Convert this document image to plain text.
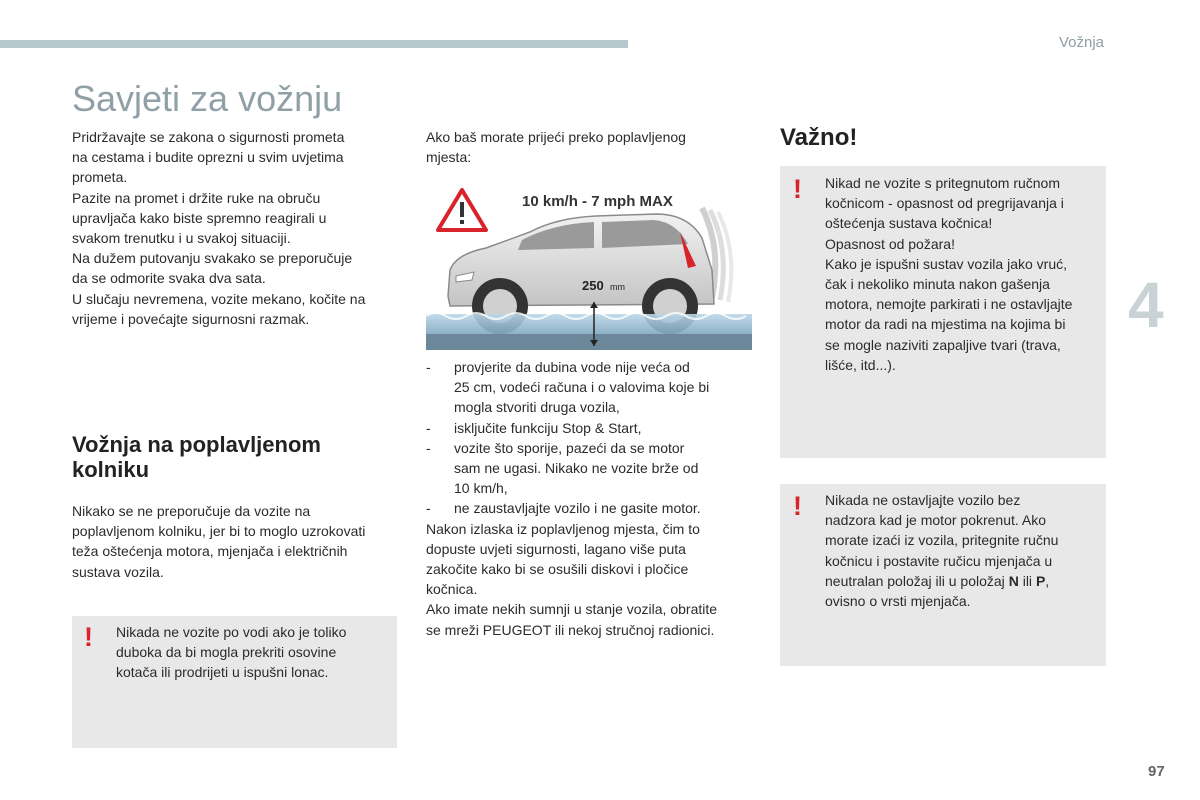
Vožnja
Savjeti za vožnju
Pridržavajte se zakona o sigurnosti prometa
na cestama i budite oprezni u svim uvjetima
prometa.
Pazite na promet i držite ruke na obruču
upravljača kako biste spremno reagirali u
svakom trenutku i u svakoj situaciji.
Na dužem putovanju svakako se preporučuje
da se odmorite svaka dva sata.
U slučaju nevremena, vozite mekano, kočite na
vrijeme i povećajte sigurnosni razmak.
Vožnja na poplavljenom
kolniku
Nikako se ne preporučuje da vozite na
poplavljenom kolniku, jer bi to moglo uzrokovati
teža oštećenja motora, mjenjača i električnih
sustava vozila.
! Nikada ne vozite po vodi ako je toliko
duboka da bi mogla prekriti osovine
kotača ili prodrijeti u ispušni lonac.
Ako baš morate prijeći preko poplavljenog
mjesta:
10 km/h - 7 mph MAX
250 mm
-	provjerite da dubina vode nije veća od
25 cm, vodeći računa i o valovima koje bi
mogla stvoriti druga vozila,
-	isključite funkciju Stop & Start,
-	vozite što sporije, pazeći da se motor
sam ne ugasi. Nikako ne vozite brže od
10 km/h,
-	ne zaustavljajte vozilo i ne gasite motor.
Nakon izlaska iz poplavljenog mjesta, čim to
dopuste uvjeti sigurnosti, lagano više puta
zakočite kako bi se osušili diskovi i pločice
kočnica.
Ako imate nekih sumnji u stanje vozila, obratite
se mreži PEUGEOT ili nekoj stručnoj radionici.
Važno!
! Nikad ne vozite s pritegnutom ručnom
kočnicom - opasnost od pregrijavanja i
oštećenja sustava kočnica!
Opasnost od požara!
Kako je ispušni sustav vozila jako vruć,
čak i nekoliko minuta nakon gašenja
motora, nemojte parkirati i ne ostavljajte
motor da radi na mjestima na kojima bi
se mogle naziviti zapaljive tvari (trava,
lišće, itd...).
! Nikada ne ostavljajte vozilo bez
nadzora kad je motor pokrenut. Ako
morate izaći iz vozila, pritegnite ručnu
kočnicu i postavite ručicu mjenjača u
neutralan položaj ili u položaj N ili P,
ovisno o vrsti mjenjača.
4
97
